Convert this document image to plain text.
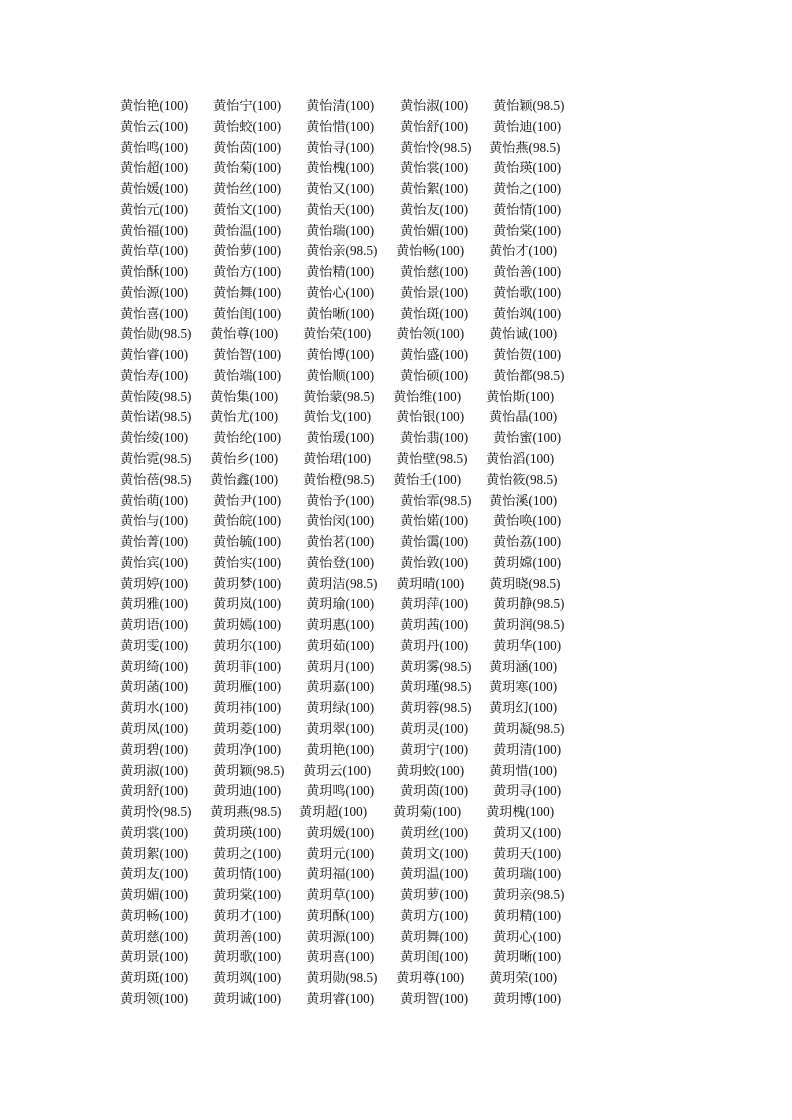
黄怡艳(100) 黄怡宁(100) 黄怡清(100) 黄怡淑(100) 黄怡颖(98.5)
黄怡云(100) 黄怡蛟(100) 黄怡惜(100) 黄怡舒(100) 黄怡迪(100)
黄怡鸣(100) 黄怡茵(100) 黄怡寻(100) 黄怡怜(98.5) 黄怡燕(98.5)
黄怡超(100) 黄怡菊(100) 黄怡槐(100) 黄怡裳(100) 黄怡瑛(100)
黄怡媛(100) 黄怡丝(100) 黄怡又(100) 黄怡絮(100) 黄怡之(100)
黄怡元(100) 黄怡文(100) 黄怡天(100) 黄怡友(100) 黄怡情(100)
黄怡福(100) 黄怡温(100) 黄怡瑞(100) 黄怡媚(100) 黄怡棠(100)
黄怡草(100) 黄怡萝(100) 黄怡亲(98.5) 黄怡畅(100) 黄怡才(100)
黄怡酥(100) 黄怡方(100) 黄怡精(100) 黄怡慈(100) 黄怡善(100)
黄怡源(100) 黄怡舞(100) 黄怡心(100) 黄怡景(100) 黄怡歌(100)
黄怡喜(100) 黄怡闺(100) 黄怡晰(100) 黄怡斑(100) 黄怡飒(100)
黄怡勋(98.5) 黄怡尊(100) 黄怡荣(100) 黄怡领(100) 黄怡诚(100)
黄怡睿(100) 黄怡智(100) 黄怡博(100) 黄怡盛(100) 黄怡贺(100)
黄怡寿(100) 黄怡端(100) 黄怡顺(100) 黄怡硕(100) 黄怡都(98.5)
黄怡陵(98.5) 黄怡集(100) 黄怡蒙(98.5) 黄怡维(100) 黄怡斯(100)
黄怡诺(98.5) 黄怡尤(100) 黄怡戈(100) 黄怡银(100) 黄怡晶(100)
黄怡绫(100) 黄怡纶(100) 黄怡瑗(100) 黄怡翡(100) 黄怡蜜(100)
黄怡霓(98.5) 黄怡乡(100) 黄怡珺(100) 黄怡壁(98.5) 黄怡滔(100)
黄怡蓓(98.5) 黄怡鑫(100) 黄怡橙(98.5) 黄怡壬(100) 黄怡筱(98.5)
黄怡萌(100) 黄怡尹(100) 黄怡予(100) 黄怡霏(98.5) 黄怡溪(100)
黄怡与(100) 黄怡皖(100) 黄怡闵(100) 黄怡婼(100) 黄怡唤(100)
黄怡菁(100) 黄怡毓(100) 黄怡茗(100) 黄怡霭(100) 黄怡荔(100)
黄怡宾(100) 黄怡实(100) 黄怡登(100) 黄怡敦(100) 黄玥嫦(100)
黄玥婷(100) 黄玥梦(100) 黄玥洁(98.5) 黄玥晴(100) 黄玥晓(98.5)
黄玥雅(100) 黄玥岚(100) 黄玥瑜(100) 黄玥萍(100) 黄玥静(98.5)
黄玥语(100) 黄玥嫣(100) 黄玥惠(100) 黄玥茜(100) 黄玥润(98.5)
黄玥雯(100) 黄玥尔(100) 黄玥茹(100) 黄玥丹(100) 黄玥华(100)
黄玥绮(100) 黄玥菲(100) 黄玥月(100) 黄玥雾(98.5) 黄玥涵(100)
黄玥菡(100) 黄玥雁(100) 黄玥嘉(100) 黄玥瑾(98.5) 黄玥寒(100)
黄玥水(100) 黄玥祎(100) 黄玥绿(100) 黄玥蓉(98.5) 黄玥幻(100)
黄玥凤(100) 黄玥菱(100) 黄玥翠(100) 黄玥灵(100) 黄玥凝(98.5)
黄玥碧(100) 黄玥净(100) 黄玥艳(100) 黄玥宁(100) 黄玥清(100)
黄玥淑(100) 黄玥颖(98.5) 黄玥云(100) 黄玥蛟(100) 黄玥惜(100)
黄玥舒(100) 黄玥迪(100) 黄玥鸣(100) 黄玥茵(100) 黄玥寻(100)
黄玥怜(98.5) 黄玥燕(98.5) 黄玥超(100) 黄玥菊(100) 黄玥槐(100)
黄玥裳(100) 黄玥瑛(100) 黄玥媛(100) 黄玥丝(100) 黄玥又(100)
黄玥絮(100) 黄玥之(100) 黄玥元(100) 黄玥文(100) 黄玥天(100)
黄玥友(100) 黄玥情(100) 黄玥福(100) 黄玥温(100) 黄玥瑞(100)
黄玥媚(100) 黄玥棠(100) 黄玥草(100) 黄玥萝(100) 黄玥亲(98.5)
黄玥畅(100) 黄玥才(100) 黄玥酥(100) 黄玥方(100) 黄玥精(100)
黄玥慈(100) 黄玥善(100) 黄玥源(100) 黄玥舞(100) 黄玥心(100)
黄玥景(100) 黄玥歌(100) 黄玥喜(100) 黄玥闺(100) 黄玥晰(100)
黄玥斑(100) 黄玥飒(100) 黄玥勋(98.5) 黄玥尊(100) 黄玥荣(100)
黄玥领(100) 黄玥诚(100) 黄玥睿(100) 黄玥智(100) 黄玥博(100)
